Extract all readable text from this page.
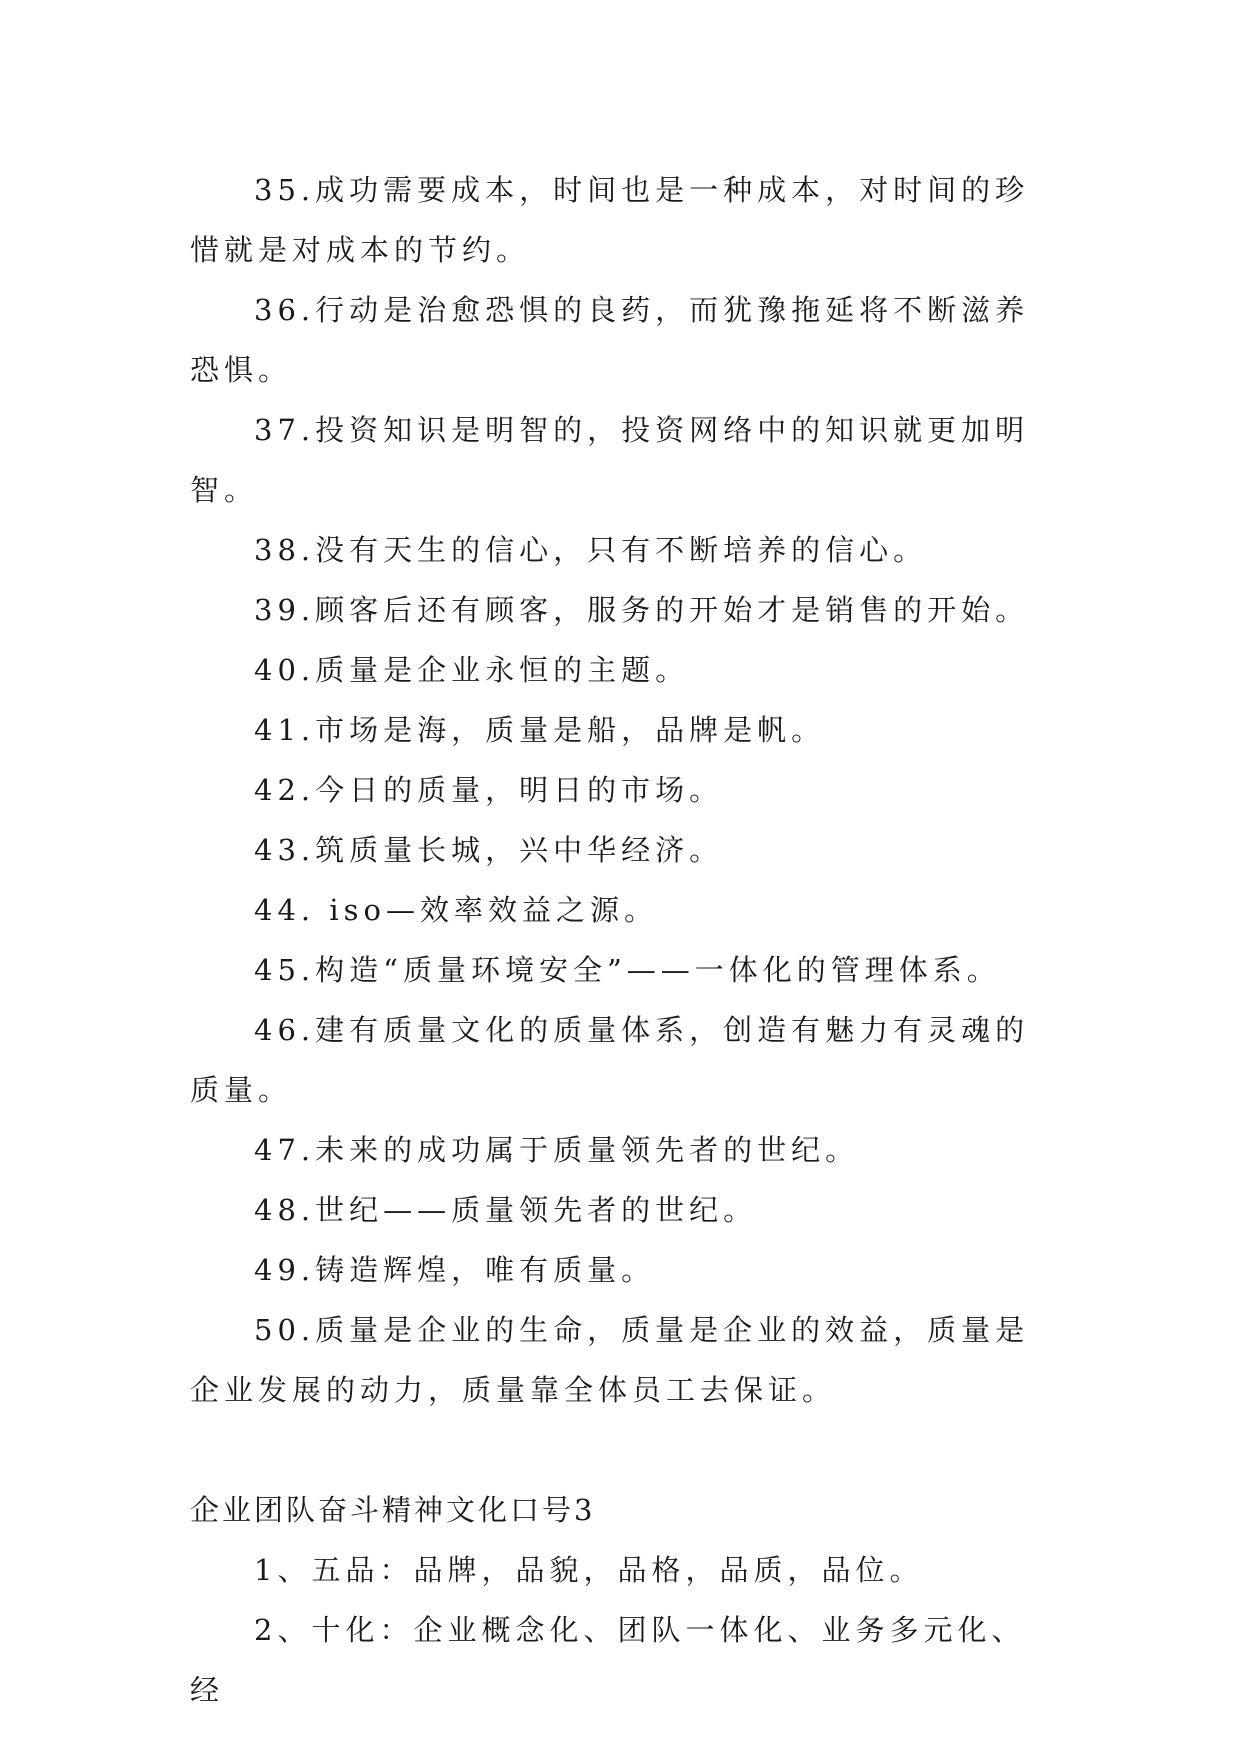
35.成功需要成本，时间也是一种成本，对时间的珍惜就是对成本的节约。

36.行动是治愈恐惧的良药，而犹豫拖延将不断滋养恐惧。

37.投资知识是明智的，投资网络中的知识就更加明智。

38.没有天生的信心，只有不断培养的信心。

39.顾客后还有顾客，服务的开始才是销售的开始。

40.质量是企业永恒的主题。

41.市场是海，质量是船，品牌是帆。

42.今日的质量，明日的市场。

43.筑质量长城，兴中华经济。

44. iso—效率效益之源。

45.构造“质量环境安全”——一体化的管理体系。

46.建有质量文化的质量体系，创造有魅力有灵魂的质量。

47.未来的成功属于质量领先者的世纪。

48.世纪——质量领先者的世纪。

49.铸造辉煌，唯有质量。

50.质量是企业的生命，质量是企业的效益，质量是企业发展的动力，质量靠全体员工去保证。

企业团队奋斗精神文化口号3

1、五品：品牌，品貌，品格，品质，品位。

2、十化：企业概念化、团队一体化、业务多元化、经
